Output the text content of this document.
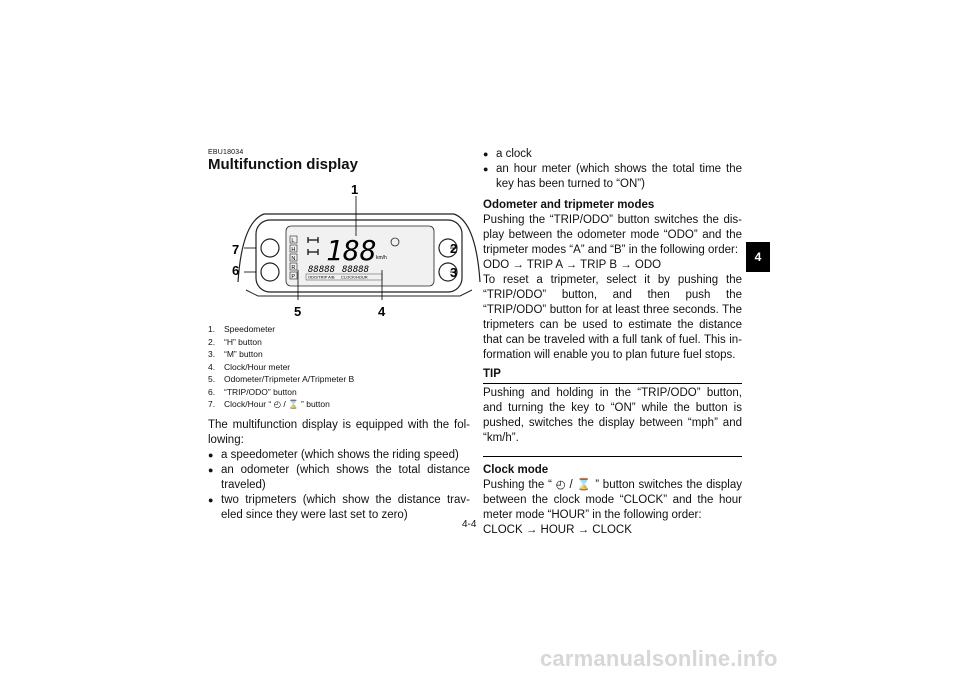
EBU18034
Multifunction display
L
H
N
R
P
188 km/h
88888 88888
ODO/TRIP A/B CLOCK/HOUR
1
2
3
4
5
6
7
1. Speedometer
2. “H” button
3. “M” button
4. Clock/Hour meter
5. Odometer/Tripmeter A/Tripmeter B
6. “TRIP/ODO” button
7. Clock/Hour “ ◴ / ⌛ ” button

The multifunction display is equipped with the fol- lowing:

● a speedometer (which shows the riding speed)
● an odometer (which shows the total distance traveled)
● two tripmeters (which show the distance trav- eled since they were last set to zero)
● a clock
● an hour meter (which shows the total time the key has been turned to “ON”)
Odometer and tripmeter modes

Pushing the “TRIP/ODO” button switches the dis- play between the odometer mode “ODO” and the tripmeter modes “A” and “B” in the following order:

ODO → TRIP A → TRIP B → ODO

To reset a tripmeter, select it by pushing the “TRIP/ODO” button, and then push the “TRIP/ODO” button for at least three seconds. The tripmeters can be used to estimate the distance that can be traveled with a full tank of fuel. This in- formation will enable you to plan future fuel stops.

TIP

Pushing and holding in the “TRIP/ODO” button, and turning the key to “ON” while the button is pushed, switches the display between “mph” and “km/h”.

Clock mode

Pushing the “ ◴ / ⌛ ” button switches the display between the clock mode “CLOCK” and the hour meter mode “HOUR” in the following order:

CLOCK → HOUR → CLOCK

4
4-4
carmanualsonline.info
